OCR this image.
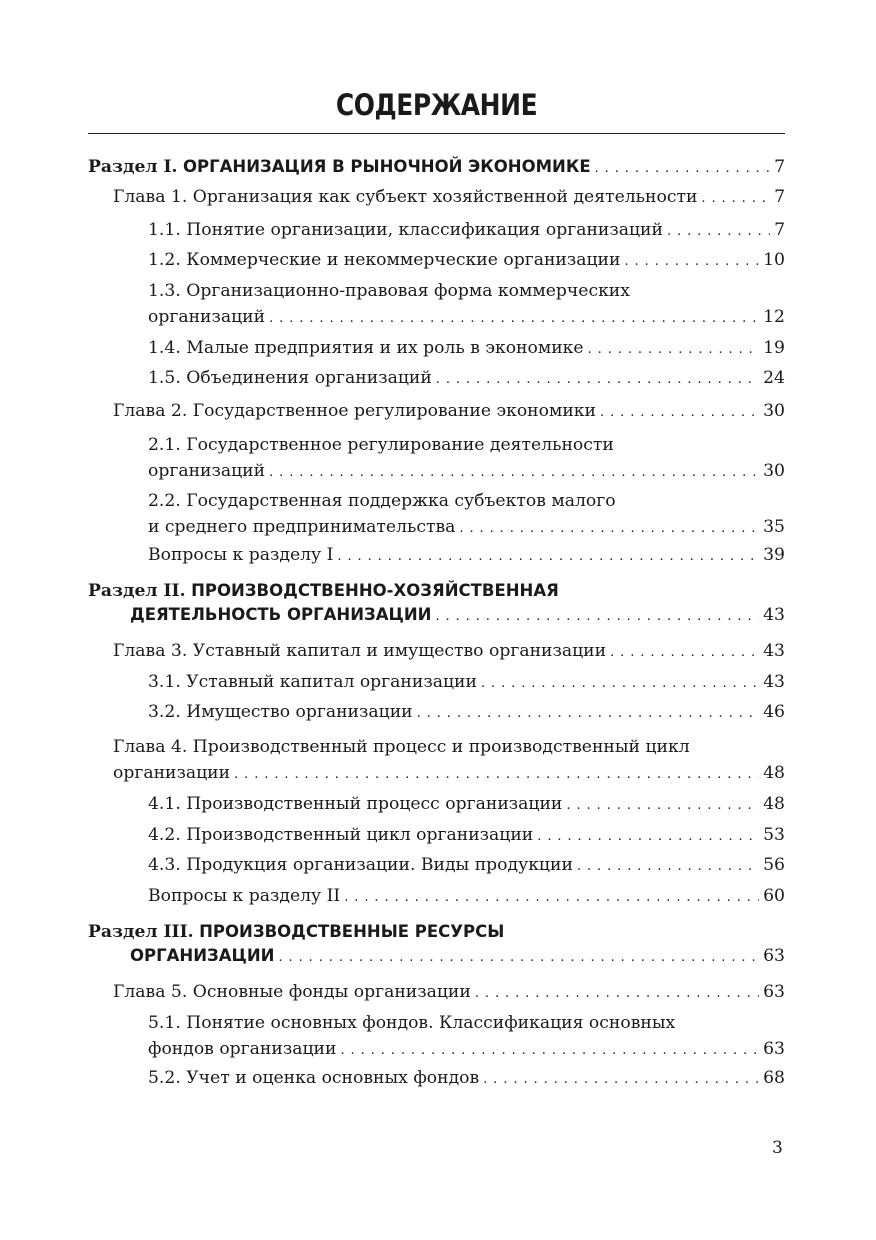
СОДЕРЖАНИЕ
Раздел I.
ОРГАНИЗАЦИЯ В РЫНОЧНОЙ ЭКОНОМИКЕ . . .	7
Глава 1. Организация как субъект хозяйственной деятельности . . .	7
1.1. Понятие организации, классификация организаций . . .	7
1.2. Коммерческие и некоммерческие организации . . .	10
1.3. Организационно-правовая форма коммерческих
организаций . . .	12
1.4. Малые предприятия и их роль в экономике . . .	19
1.5. Объединения организаций . . .	24
Глава 2. Государственное регулирование экономики . . .	30
2.1. Государственное регулирование деятельности
организаций . . .	30
2.2. Государственная поддержка субъектов малого
и среднего предпринимательства . . .	35
Вопросы к разделу I . . .	39
Раздел II.
ПРОИЗВОДСТВЕННО-ХОЗЯЙСТВЕННАЯ
ДЕЯТЕЛЬНОСТЬ ОРГАНИЗАЦИИ . . .	43
Глава 3. Уставный капитал и имущество организации . . .	43
3.1. Уставный капитал организации . . .	43
3.2. Имущество организации . . .	46
Глава 4. Производственный процесс и производственный цикл
организации . . .	48
4.1. Производственный процесс организации . . .	48
4.2. Производственный цикл организации . . .	53
4.3. Продукция организации. Виды продукции . . .	56
Вопросы к разделу II . . .	60
Раздел III.
ПРОИЗВОДСТВЕННЫЕ РЕСУРСЫ
ОРГАНИЗАЦИИ . . .	63
Глава 5. Основные фонды организации . . .	63
5.1. Понятие основных фондов. Классификация основных
фондов организации . . .	63
5.2. Учет и оценка основных фондов . . .	68
3
